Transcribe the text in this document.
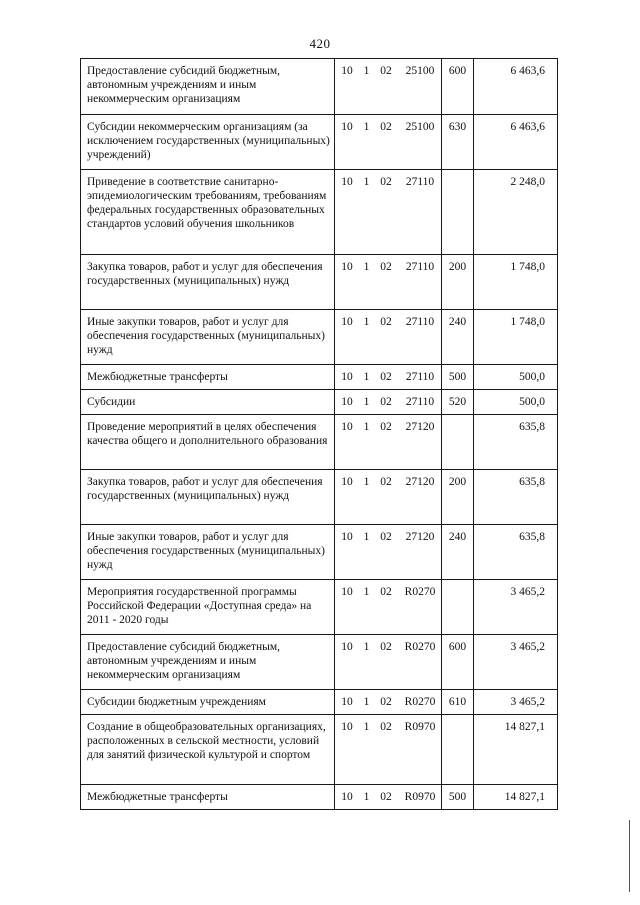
420
Предоставление субсидий бюджетным, автономным учреждениям и иным некоммерческим организациям	10 1 02 25100	600	6 463,6
Субсидии некоммерческим организациям (за исключением государственных (муниципальных) учреждений)	10 1 02 25100	630	6 463,6
Приведение в соответствие санитарно-эпидемиологическим требованиям, требованиям федеральных государственных образовательных стандартов условий обучения школьников	10 1 02 27110		2 248,0
Закупка товаров, работ и услуг для обеспечения государственных (муниципальных) нужд	10 1 02 27110	200	1 748,0
Иные закупки товаров, работ и услуг для обеспечения государственных (муниципальных) нужд	10 1 02 27110	240	1 748,0
Межбюджетные трансферты	10 1 02 27110	500	500,0
Субсидии	10 1 02 27110	520	500,0
Проведение мероприятий в целях обеспечения качества общего и дополнительного образования	10 1 02 27120		635,8
Закупка товаров, работ и услуг для обеспечения государственных (муниципальных) нужд	10 1 02 27120	200	635,8
Иные закупки товаров, работ и услуг для обеспечения государственных (муниципальных) нужд	10 1 02 27120	240	635,8
Мероприятия государственной программы Российской Федерации «Доступная среда» на 2011 - 2020 годы	10 1 02 R0270		3 465,2
Предоставление субсидий бюджетным, автономным учреждениям и иным некоммерческим организациям	10 1 02 R0270	600	3 465,2
Субсидии бюджетным учреждениям	10 1 02 R0270	610	3 465,2
Создание в общеобразовательных организациях, расположенных в сельской местности, условий для занятий физической культурой и спортом	10 1 02 R0970		14 827,1
Межбюджетные трансферты	10 1 02 R0970	500	14 827,1
